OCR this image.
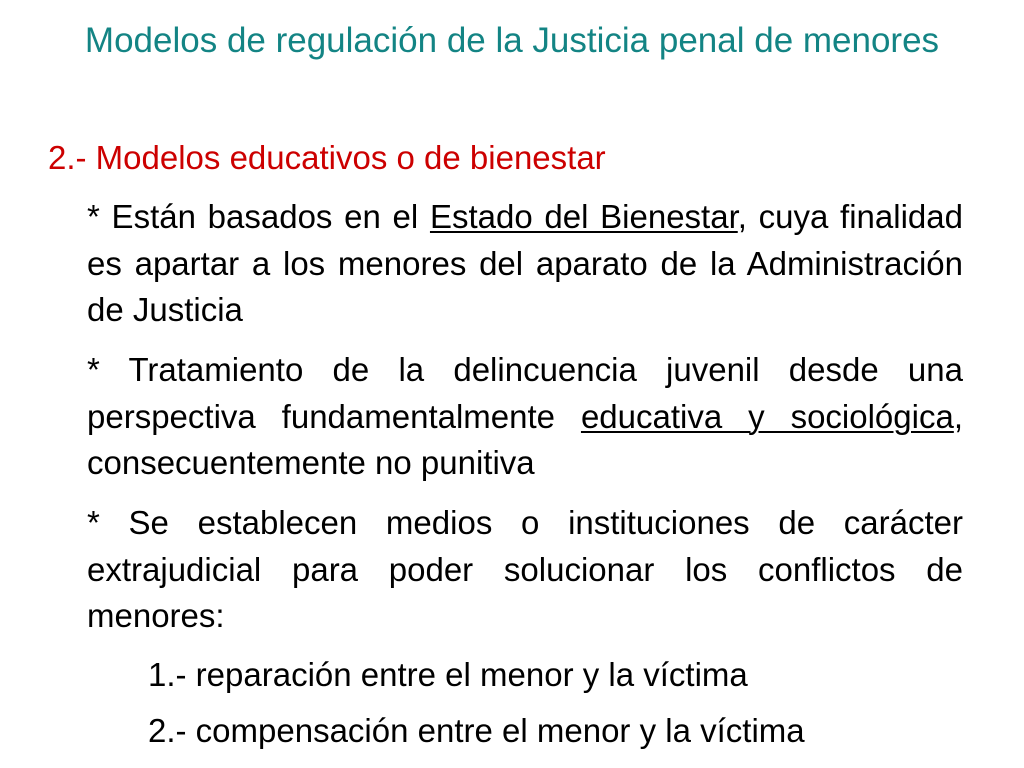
Modelos de regulación de la Justicia penal de menores
2.- Modelos educativos o de bienestar
* Están basados en el Estado del Bienestar, cuya finalidad es apartar a los menores del aparato de la Administración de Justicia
* Tratamiento de la delincuencia juvenil desde una perspectiva fundamentalmente educativa y sociológica, consecuentemente no punitiva
* Se establecen medios o instituciones de carácter extrajudicial para poder solucionar los conflictos de menores:
1.- reparación entre el menor y la víctima
2.- compensación entre el menor y la víctima
